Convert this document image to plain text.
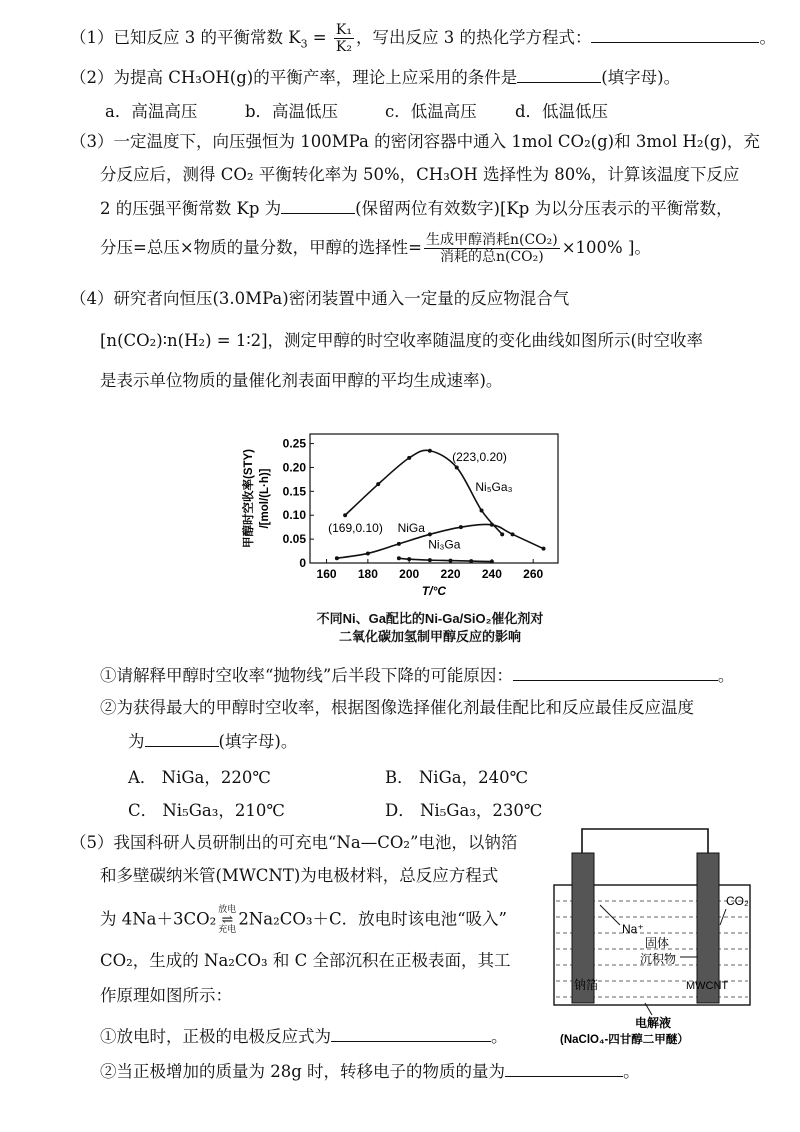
（1）已知反应 3 的平衡常数 $K_3 = \frac{\text{K₁}}{\text{K₂}}$ ，写出反应 3 的热化学方程式：	。
（2）为提高 CH₃OH(g)的平衡产率，理论上应采用的条件是	(填字母)。
a．高温高压	b．高温低压	c．低温高压 d．低温低压
（3）一定温度下，向压强恒为 100MPa 的密闭容器中通入 1mol CO₂(g)和 3mol H₂(g)，充
分反应后，测得 CO₂ 平衡转化率为 50%，CH₃OH 选择性为 80%，计算该温度下反应
2 的压强平衡常数 Kp 为	(保留两位有效数字)[Kp 为以分压表示的平衡常数，
分压=总压×物质的量分数，甲醇的选择性= $\frac{\text{生成甲醇消耗n(CO₂)}}{\text{消耗的总n(CO₂)}} \times 100\%$ ]。
（4）研究者向恒压(3.0MPa)密闭装置中通入一定量的反应物混合气
[n(CO₂)∶n(H₂) = 1∶2]，测定甲醇的时空收率随温度的变化曲线如图所示(时空收率
是表示单位物质的量催化剂表面甲醇的平均生成速率)。
160 180 200 220 240 260
0
0.05
0.10
0.15
0.20
0.25
T/°C
甲醇时空收率(STY) /[mol/(L·h)]
(223,0.20)
Ni₅Ga₃
(169,0.10) NiGa
Ni₃Ga
不同Ni、Ga配比的Ni-Ga/SiO₂催化剂对
二氧化碳加氢制甲醇反应的影响
①请解释甲醇时空收率“抛物线”后半段下降的可能原因：	。
②为获得最大的甲醇时空收率，根据图像选择催化剂最佳配比和反应最佳反应温度
为	(填字母)。
A． NiGa，220℃	B． NiGa，240℃
C． Ni₅Ga₃，210℃	D． Ni₅Ga₃，230℃
（5）我国科研人员研制出的可充电“Na—CO₂”电池，以钠箔
和多壁碳纳米管(MWCNT)为电极材料，总反应方程式
为 4Na＋3CO₂ 放电
⇌
充电
2Na₂CO₃＋C．放电时该电池“吸入”
CO₂，生成的 Na₂CO₃ 和 C 全部沉积在正极表面，其工
作原理如图所示：
①放电时，正极的电极反应式为	。
②当正极增加的质量为 28g 时，转移电子的物质的量为	。
Na⁺
CO₂
固体
沉积物
钠箔	MWCNT
电解液
(NaClO₄-四甘醇二甲醚）
